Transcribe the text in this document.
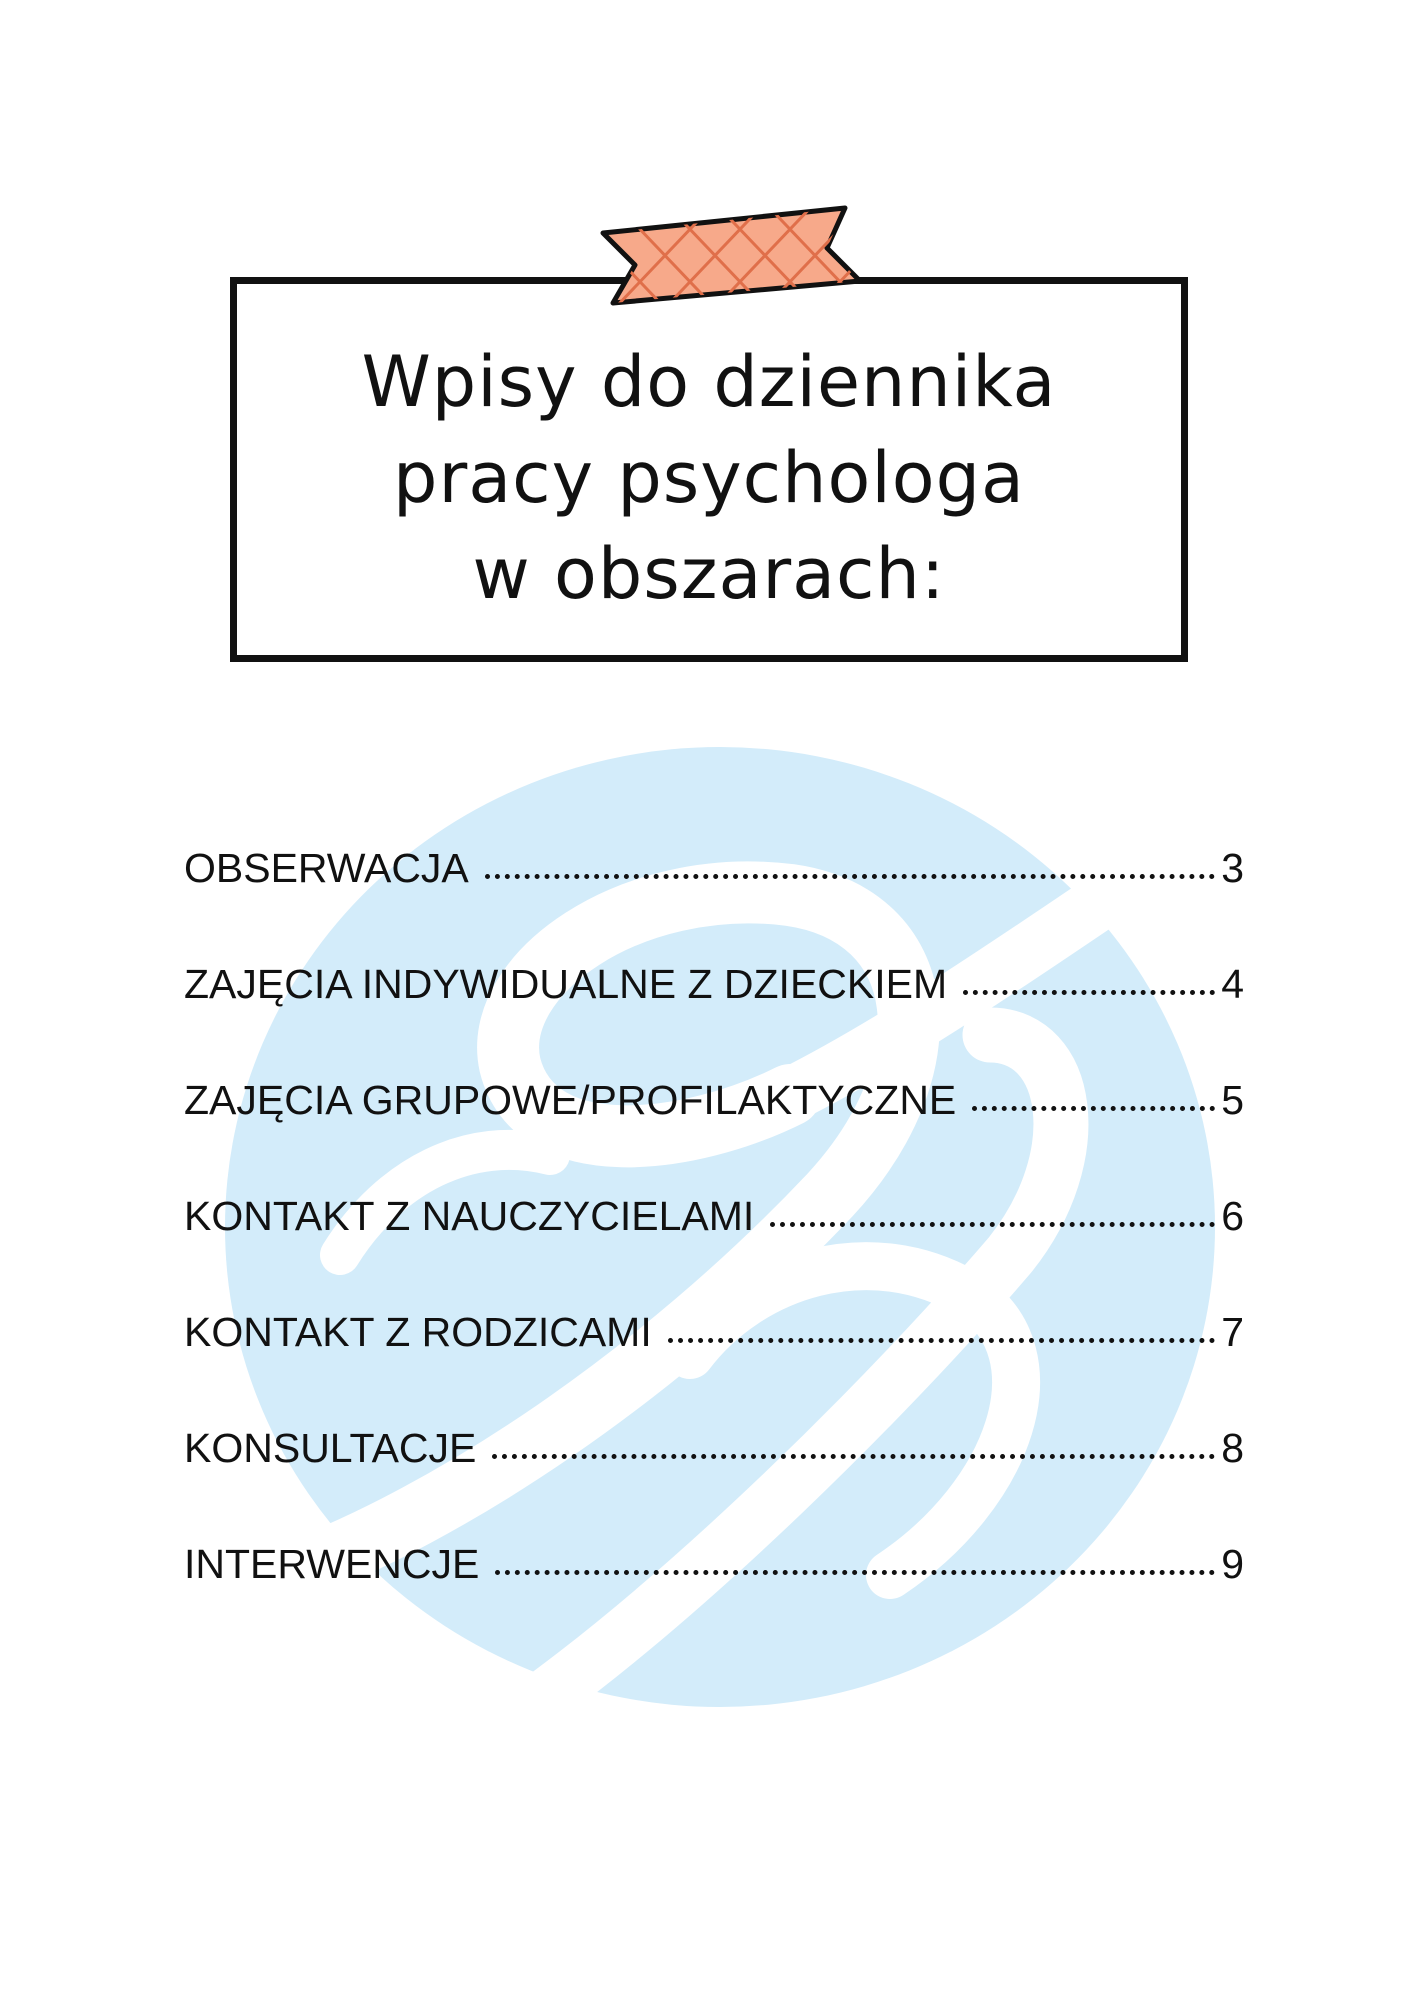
Wpisy do dziennika
pracy psychologa
w obszarach:
OBSERWACJA	3
ZAJĘCIA INDYWIDUALNE Z DZIECKIEM	4
ZAJĘCIA GRUPOWE/PROFILAKTYCZNE	5
KONTAKT Z NAUCZYCIELAMI	6
KONTAKT Z RODZICAMI	7
KONSULTACJE	8
INTERWENCJE	9
